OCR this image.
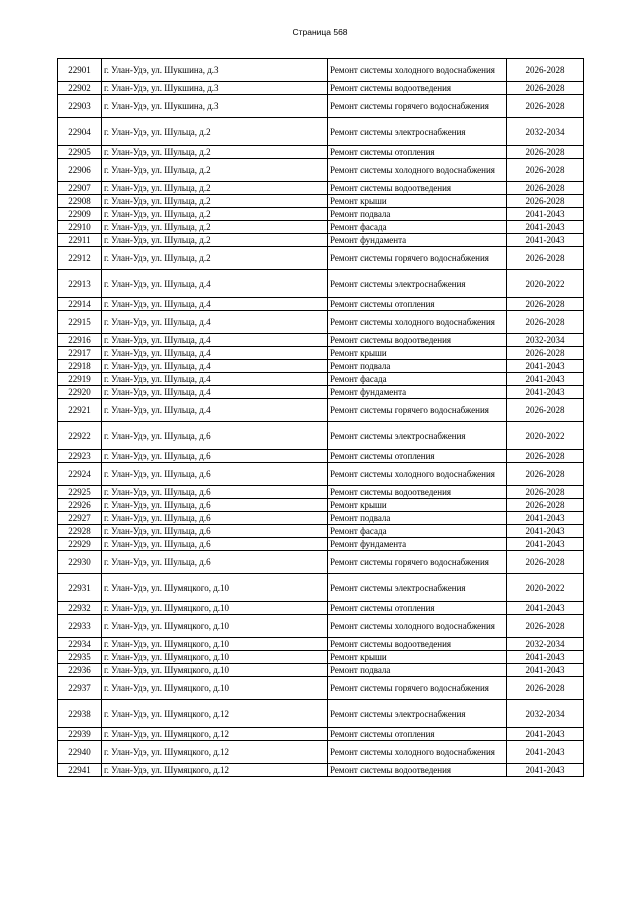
Страница 568
22901	г. Улан-Удэ, ул. Шукшина, д.3	Ремонт системы холодного водоснабжения	2026-2028
22902	г. Улан-Удэ, ул. Шукшина, д.3	Ремонт системы водоотведения	2026-2028
22903	г. Улан-Удэ, ул. Шукшина, д.3	Ремонт системы горячего водоснабжения	2026-2028
22904	г. Улан-Удэ, ул. Шульца, д.2	Ремонт системы электроснабжения	2032-2034
22905	г. Улан-Удэ, ул. Шульца, д.2	Ремонт системы отопления	2026-2028
22906	г. Улан-Удэ, ул. Шульца, д.2	Ремонт системы холодного водоснабжения	2026-2028
22907	г. Улан-Удэ, ул. Шульца, д.2	Ремонт системы водоотведения	2026-2028
22908	г. Улан-Удэ, ул. Шульца, д.2	Ремонт крыши	2026-2028
22909	г. Улан-Удэ, ул. Шульца, д.2	Ремонт подвала	2041-2043
22910	г. Улан-Удэ, ул. Шульца, д.2	Ремонт фасада	2041-2043
22911	г. Улан-Удэ, ул. Шульца, д.2	Ремонт фундамента	2041-2043
22912	г. Улан-Удэ, ул. Шульца, д.2	Ремонт системы горячего водоснабжения	2026-2028
22913	г. Улан-Удэ, ул. Шульца, д.4	Ремонт системы электроснабжения	2020-2022
22914	г. Улан-Удэ, ул. Шульца, д.4	Ремонт системы отопления	2026-2028
22915	г. Улан-Удэ, ул. Шульца, д.4	Ремонт системы холодного водоснабжения	2026-2028
22916	г. Улан-Удэ, ул. Шульца, д.4	Ремонт системы водоотведения	2032-2034
22917	г. Улан-Удэ, ул. Шульца, д.4	Ремонт крыши	2026-2028
22918	г. Улан-Удэ, ул. Шульца, д.4	Ремонт подвала	2041-2043
22919	г. Улан-Удэ, ул. Шульца, д.4	Ремонт фасада	2041-2043
22920	г. Улан-Удэ, ул. Шульца, д.4	Ремонт фундамента	2041-2043
22921	г. Улан-Удэ, ул. Шульца, д.4	Ремонт системы горячего водоснабжения	2026-2028
22922	г. Улан-Удэ, ул. Шульца, д.6	Ремонт системы электроснабжения	2020-2022
22923	г. Улан-Удэ, ул. Шульца, д.6	Ремонт системы отопления	2026-2028
22924	г. Улан-Удэ, ул. Шульца, д.6	Ремонт системы холодного водоснабжения	2026-2028
22925	г. Улан-Удэ, ул. Шульца, д.6	Ремонт системы водоотведения	2026-2028
22926	г. Улан-Удэ, ул. Шульца, д.6	Ремонт крыши	2026-2028
22927	г. Улан-Удэ, ул. Шульца, д.6	Ремонт подвала	2041-2043
22928	г. Улан-Удэ, ул. Шульца, д.6	Ремонт фасада	2041-2043
22929	г. Улан-Удэ, ул. Шульца, д.6	Ремонт фундамента	2041-2043
22930	г. Улан-Удэ, ул. Шульца, д.6	Ремонт системы горячего водоснабжения	2026-2028
22931	г. Улан-Удэ, ул. Шумяцкого, д.10	Ремонт системы электроснабжения	2020-2022
22932	г. Улан-Удэ, ул. Шумяцкого, д.10	Ремонт системы отопления	2041-2043
22933	г. Улан-Удэ, ул. Шумяцкого, д.10	Ремонт системы холодного водоснабжения	2026-2028
22934	г. Улан-Удэ, ул. Шумяцкого, д.10	Ремонт системы водоотведения	2032-2034
22935	г. Улан-Удэ, ул. Шумяцкого, д.10	Ремонт крыши	2041-2043
22936	г. Улан-Удэ, ул. Шумяцкого, д.10	Ремонт подвала	2041-2043
22937	г. Улан-Удэ, ул. Шумяцкого, д.10	Ремонт системы горячего водоснабжения	2026-2028
22938	г. Улан-Удэ, ул. Шумяцкого, д.12	Ремонт системы электроснабжения	2032-2034
22939	г. Улан-Удэ, ул. Шумяцкого, д.12	Ремонт системы отопления	2041-2043
22940	г. Улан-Удэ, ул. Шумяцкого, д.12	Ремонт системы холодного водоснабжения	2041-2043
22941	г. Улан-Удэ, ул. Шумяцкого, д.12	Ремонт системы водоотведения	2041-2043
